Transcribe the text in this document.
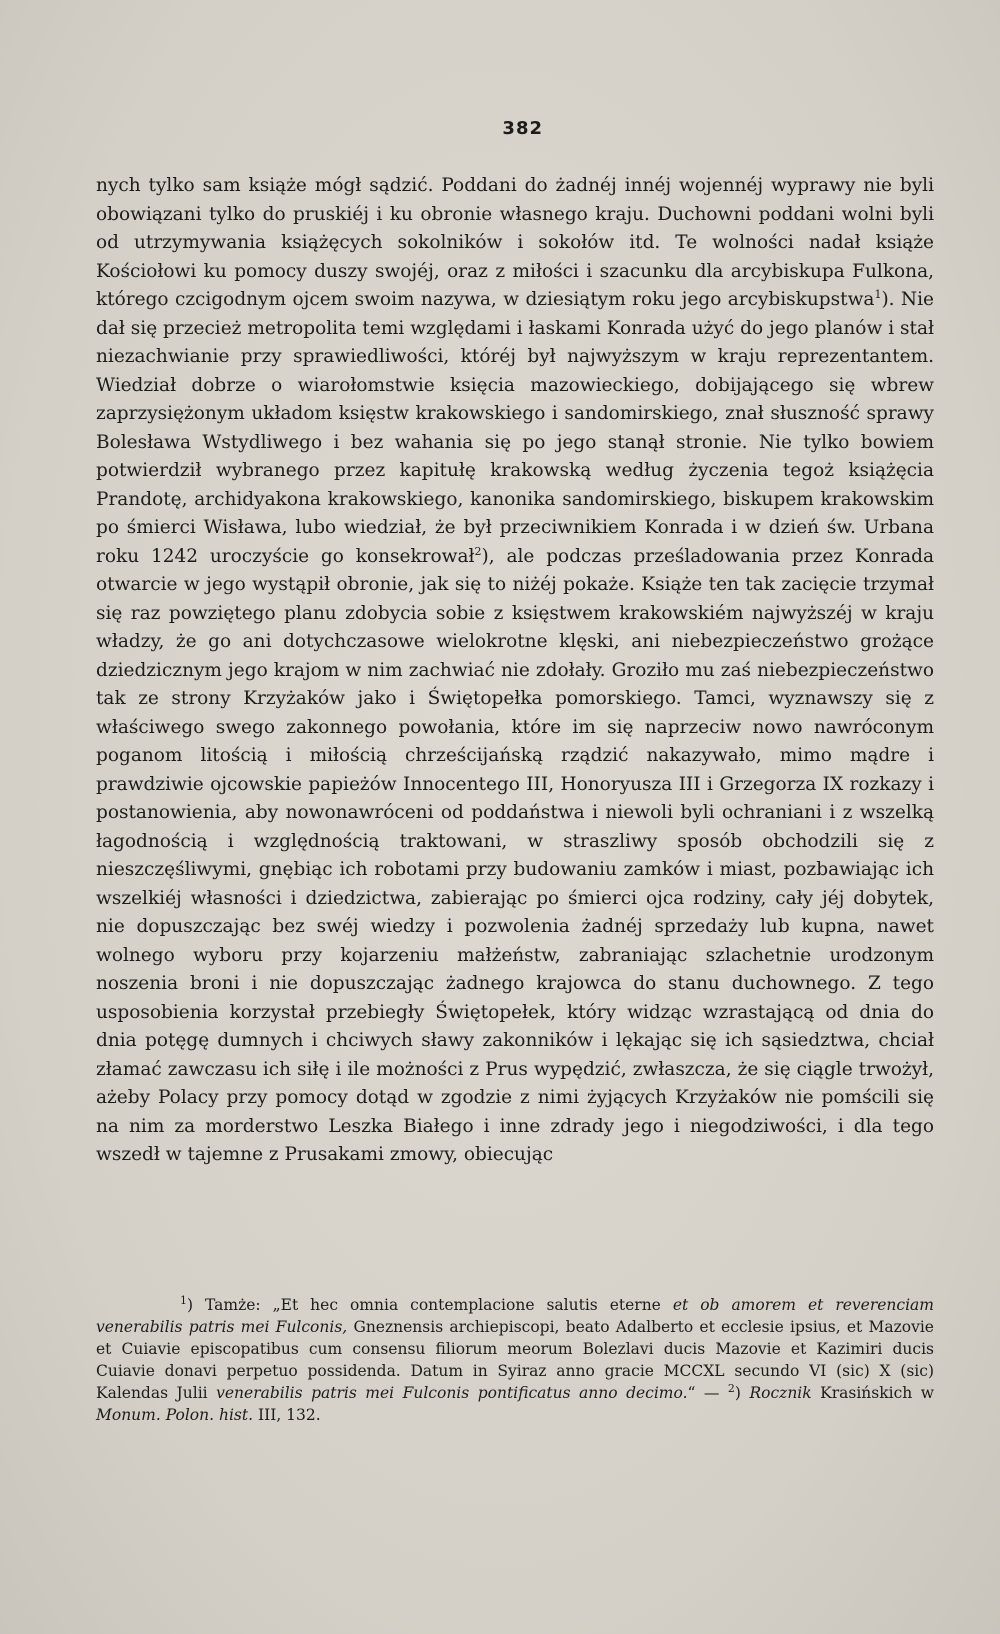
382

nych tylko sam książe mógł sądzić. Poddani do żadnéj innéj wojennéj wyprawy nie byli obowiązani tylko do pruskiéj i ku obronie własnego kraju. Duchowni poddani wolni byli od utrzymywania książęcych sokolników i sokołów itd. Te wolności nadał książe Kościołowi ku pomocy duszy swojéj, oraz z miłości i szacunku dla arcybiskupa Fulkona, którego czcigodnym ojcem swoim nazywa, w dziesiątym roku jego arcybiskupstwa$^1$). Nie dał się przecież metropolita temi względami i łaskami Konrada użyć do jego planów i stał niezachwianie przy sprawiedliwości, któréj był najwyższym w kraju reprezentantem. Wiedział dobrze o wiarołomstwie księcia mazowieckiego, dobijającego się wbrew zaprzysiężonym układom księstw krakowskiego i sandomirskiego, znał słuszność sprawy Bolesława Wstydliwego i bez wahania się po jego stanął stronie. Nie tylko bowiem potwierdził wybranego przez kapitułę krakowską według życzenia tegoż książęcia Prandotę, archidyakona krakowskiego, kanonika sandomirskiego, biskupem krakowskim po śmierci Wisława, lubo wiedział, że był przeciwnikiem Konrada i w dzień św. Urbana roku 1242 uroczyście go konsekrował$^2$), ale podczas prześladowania przez Konrada otwarcie w jego wystąpił obronie, jak się to niżéj pokaże. Książe ten tak zacięcie trzymał się raz powziętego planu zdobycia sobie z księstwem krakowskiém najwyższéj w kraju władzy, że go ani dotychczasowe wielokrotne klęski, ani niebezpieczeństwo grożące dziedzicznym jego krajom w nim zachwiać nie zdołały. Groziło mu zaś niebezpieczeństwo tak ze strony Krzyżaków jako i Świętopełka pomorskiego. Tamci, wyznawszy się z właściwego swego zakonnego powołania, które im się naprzeciw nowo nawróconym poganom litością i miłością chrześcijańską rządzić nakazywało, mimo mądre i prawdziwie ojcowskie papieżów Innocentego III, Honoryusza III i Grzegorza IX rozkazy i postanowienia, aby nowonawróceni od poddaństwa i niewoli byli ochraniani i z wszelką łagodnością i względnością traktowani, w straszliwy sposób obchodzili się z nieszczęśliwymi, gnębiąc ich robotami przy budowaniu zamków i miast, pozbawiając ich wszelkiéj własności i dziedzictwa, zabierając po śmierci ojca rodziny, cały jéj dobytek, nie dopuszczając bez swéj wiedzy i pozwolenia żadnéj sprzedaży lub kupna, nawet wolnego wyboru przy kojarzeniu małżeństw, zabraniając szlachetnie urodzonym noszenia broni i nie dopuszczając żadnego krajowca do stanu duchownego. Z tego usposobienia korzystał przebiegły Świętopełek, który widząc wzrastającą od dnia do dnia potęgę dumnych i chciwych sławy zakonników i lękając się ich sąsiedztwa, chciał złamać zawczasu ich siłę i ile możności z Prus wypędzić, zwłaszcza, że się ciągle trwożył, ażeby Polacy przy pomocy dotąd w zgodzie z nimi żyjących Krzyżaków nie pomścili się na nim za morderstwo Leszka Białego i inne zdrady jego i niegodziwości, i dla tego wszedł w tajemne z Prusakami zmowy, obiecując

$^1$) Tamże: „Et hec omnia contemplacione salutis eterne et ob amorem et reverenciam venerabilis patris mei Fulconis, Gneznensis archiepiscopi, beato Adalberto et ecclesie ipsius, et Mazovie et Cuiavie episcopatibus cum consensu filiorum meorum Bolezlavi ducis Mazovie et Kazimiri ducis Cuiavie donavi perpetuo possidenda. Datum in Syiraz anno gracie MCCXL secundo VI (sic) X (sic) Kalendas Julii venerabilis patris mei Fulconis pontificatus anno decimo.“ — $^2$) Rocznik Krasińskich w Monum. Polon. hist. III, 132.
